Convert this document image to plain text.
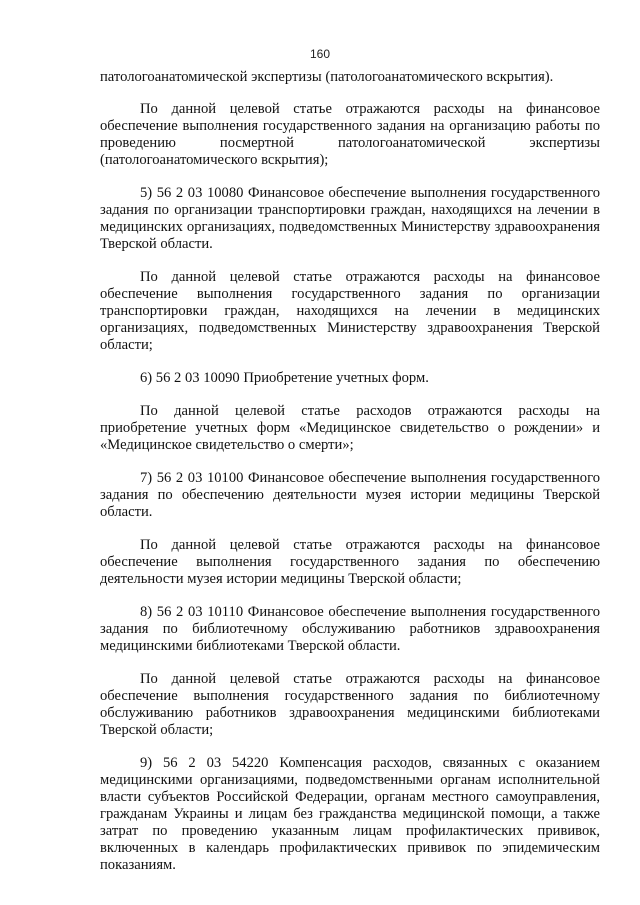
160

патологоанатомической экспертизы (патологоанатомического вскрытия).

По данной целевой статье отражаются расходы на финансовое обеспечение выполнения государственного задания на организацию работы по проведению посмертной патологоанатомической экспертизы (патологоанатомического вскрытия);

5) 56 2 03 10080 Финансовое обеспечение выполнения государственного задания по организации транспортировки граждан, находящихся на лечении в медицинских организациях, подведомственных Министерству здравоохранения Тверской области.

По данной целевой статье отражаются расходы на финансовое обеспечение выполнения государственного задания по организации транспортировки граждан, находящихся на лечении в медицинских организациях, подведомственных Министерству здравоохранения Тверской области;

6) 56 2 03 10090 Приобретение учетных форм.

По данной целевой статье расходов отражаются расходы на приобретение учетных форм «Медицинское свидетельство о рождении» и «Медицинское свидетельство о смерти»;

7) 56 2 03 10100 Финансовое обеспечение выполнения государственного задания по обеспечению деятельности музея истории медицины Тверской области.

По данной целевой статье отражаются расходы на финансовое обеспечение выполнения государственного задания по обеспечению деятельности музея истории медицины Тверской области;

8) 56 2 03 10110 Финансовое обеспечение выполнения государственного задания по библиотечному обслуживанию работников здравоохранения медицинскими библиотеками Тверской области.

По данной целевой статье отражаются расходы на финансовое обеспечение выполнения государственного задания по библиотечному обслуживанию работников здравоохранения медицинскими библиотеками Тверской области;

9) 56 2 03 54220 Компенсация расходов, связанных с оказанием медицинскими организациями, подведомственными органам исполнительной власти субъектов Российской Федерации, органам местного самоуправления, гражданам Украины и лицам без гражданства медицинской помощи, а также затрат по проведению указанным лицам профилактических прививок, включенных в календарь профилактических прививок по эпидемическим показаниям.
